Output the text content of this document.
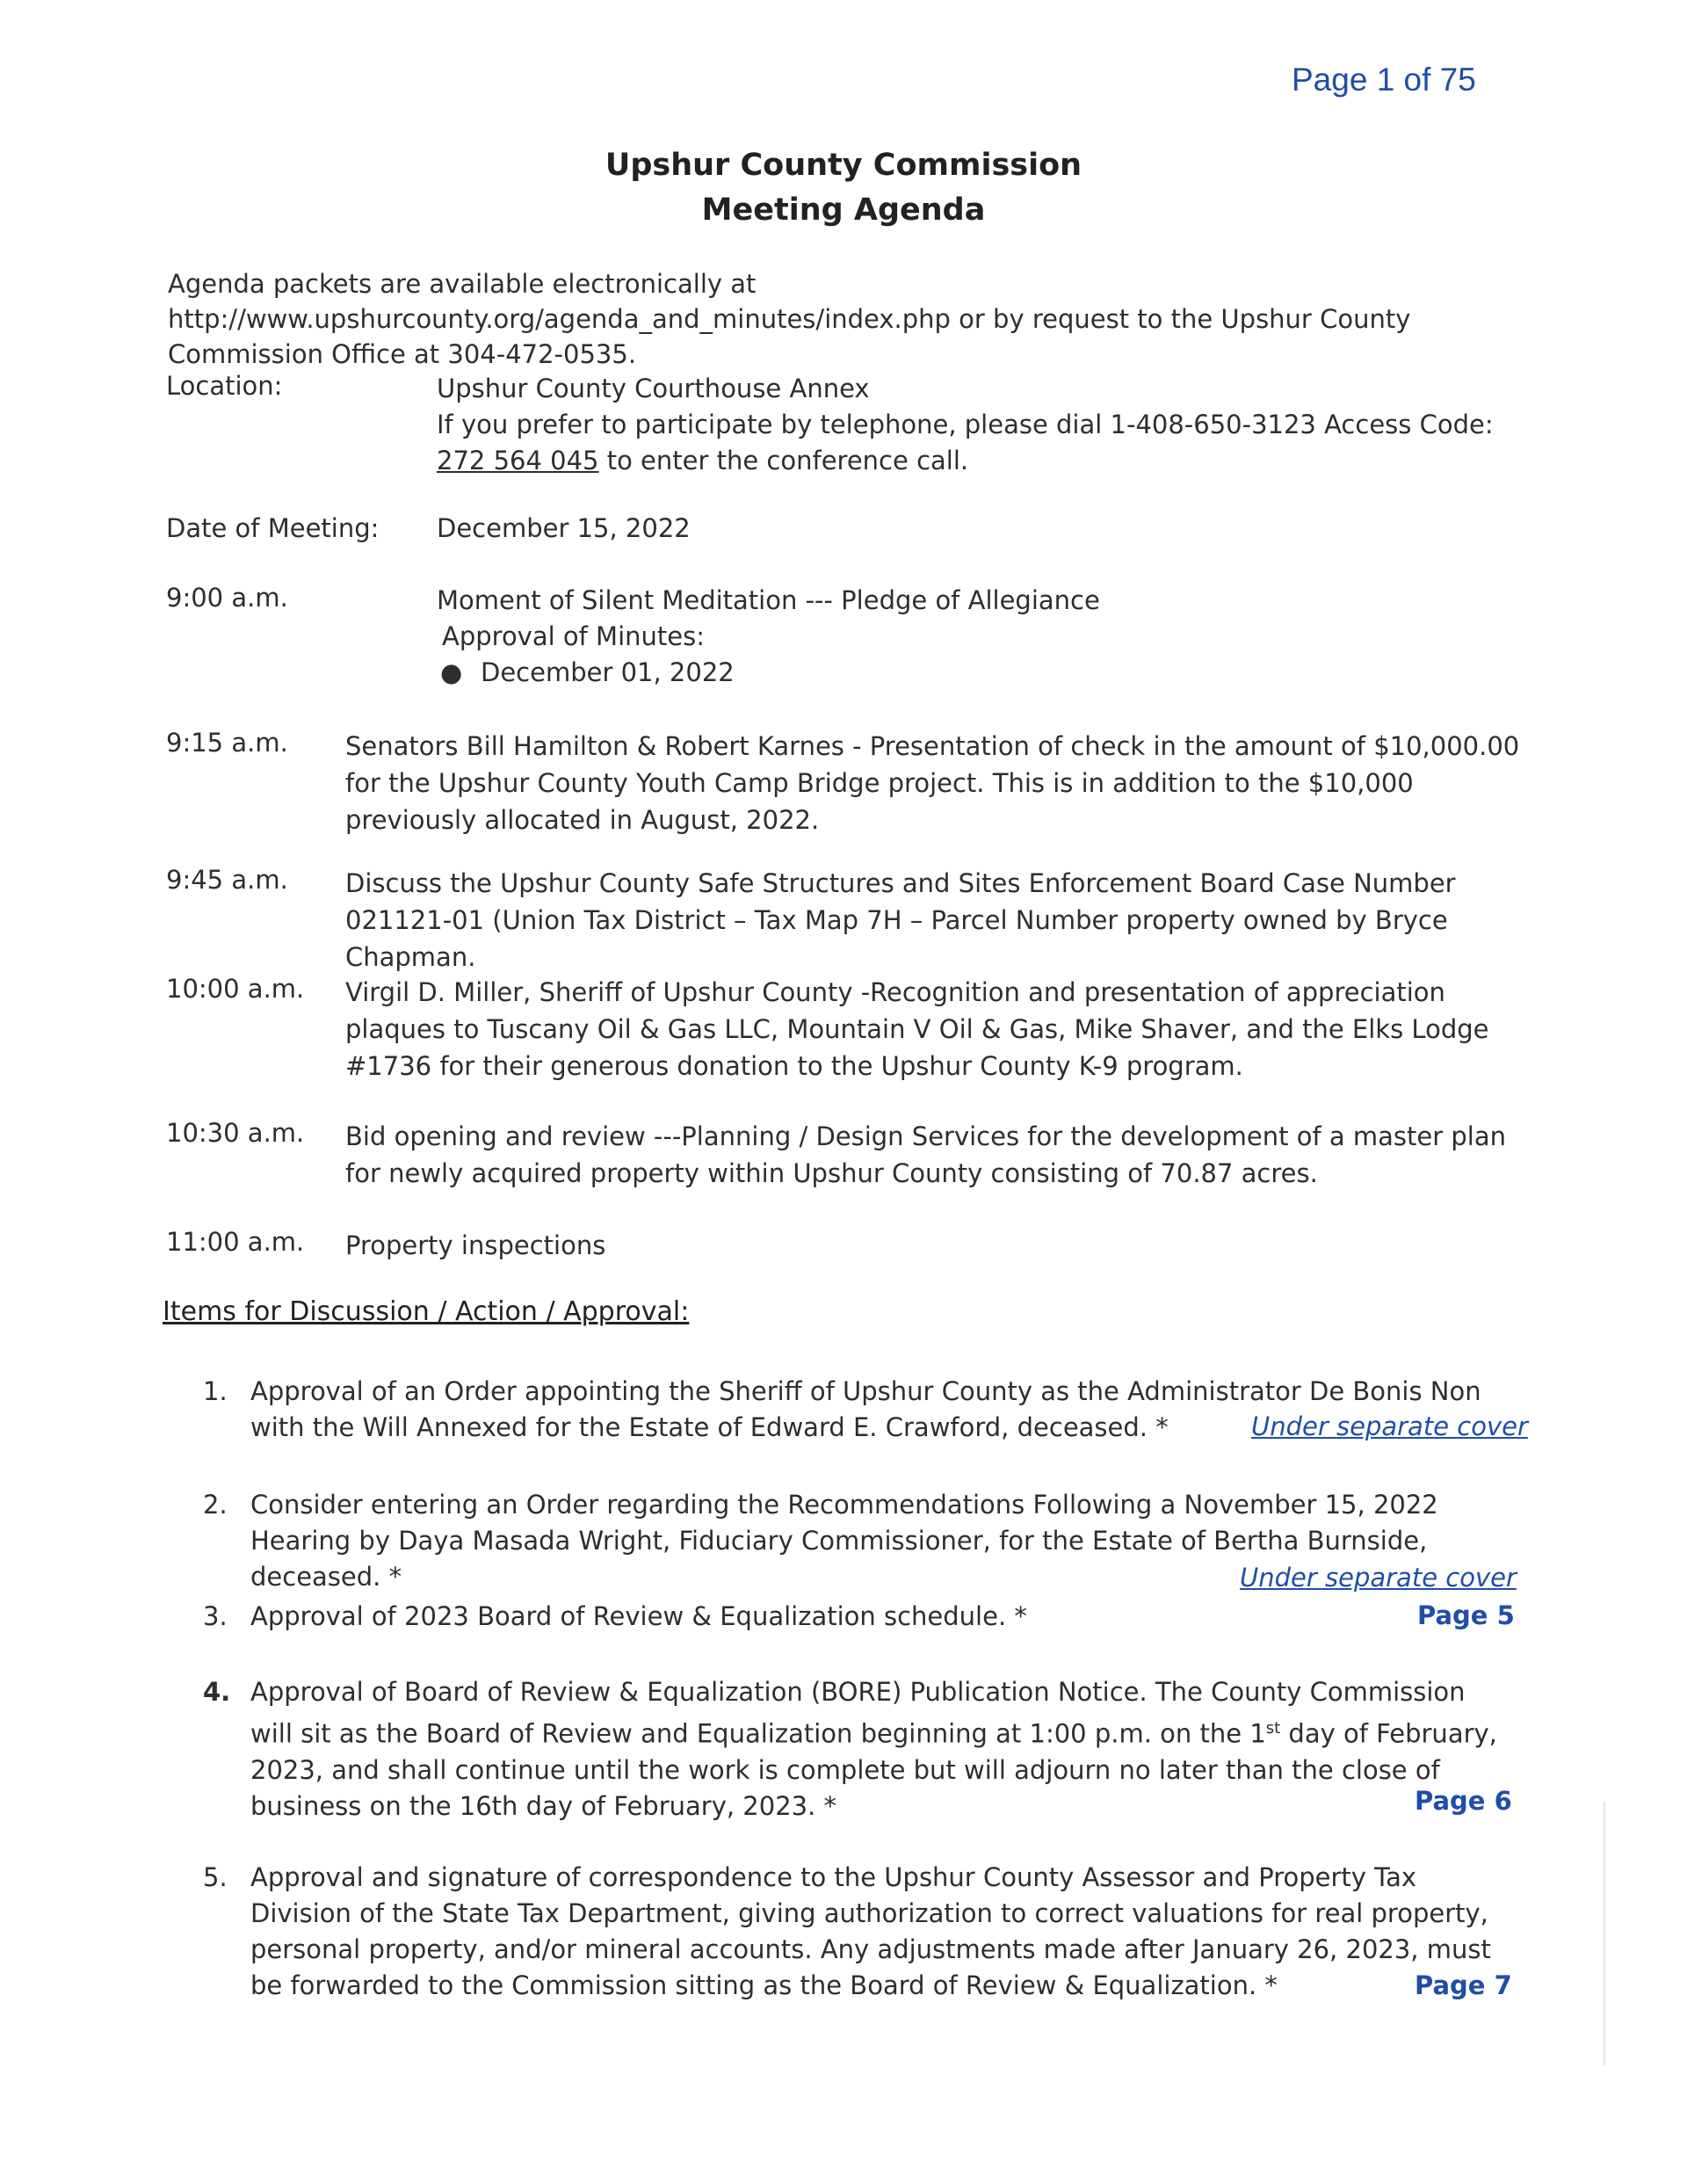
Page 1 of 75
Upshur County Commission
Meeting Agenda
Agenda packets are available electronically at http://www.upshurcounty.org/agenda_and_minutes/index.php or by request to the Upshur County Commission Office at 304-472-0535.
Location:	Upshur County Courthouse Annex
If you prefer to participate by telephone, please dial 1-408-650-3123 Access Code: 272 564 045 to enter the conference call.
Date of Meeting: December 15, 2022
9:00 a.m.	Moment of Silent Meditation --- Pledge of Allegiance
Approval of Minutes:
● December 01, 2022
9:15 a.m. Senators Bill Hamilton & Robert Karnes - Presentation of check in the amount of $10,000.00 for the Upshur County Youth Camp Bridge project. This is in addition to the $10,000 previously allocated in August, 2022.
9:45 a.m. Discuss the Upshur County Safe Structures and Sites Enforcement Board Case Number 021121-01 (Union Tax District – Tax Map 7H – Parcel Number property owned by Bryce Chapman.
10:00 a.m. Virgil D. Miller, Sheriff of Upshur County -Recognition and presentation of appreciation plaques to Tuscany Oil & Gas LLC, Mountain V Oil & Gas, Mike Shaver, and the Elks Lodge #1736 for their generous donation to the Upshur County K-9 program.
10:30 a.m. Bid opening and review ---Planning / Design Services for the development of a master plan for newly acquired property within Upshur County consisting of 70.87 acres.
11:00 a.m. Property inspections
Items for Discussion / Action / Approval:
1. Approval of an Order appointing the Sheriff of Upshur County as the Administrator De Bonis Non with the Will Annexed for the Estate of Edward E. Crawford, deceased. *	Under separate cover
2. Consider entering an Order regarding the Recommendations Following a November 15, 2022 Hearing by Daya Masada Wright, Fiduciary Commissioner, for the Estate of Bertha Burnside, deceased. *	Under separate cover
3. Approval of 2023 Board of Review & Equalization schedule. *	Page 5
4. Approval of Board of Review & Equalization (BORE) Publication Notice. The County Commission will sit as the Board of Review and Equalization beginning at 1:00 p.m. on the 1st day of February, 2023, and shall continue until the work is complete but will adjourn no later than the close of business on the 16th day of February, 2023. *	Page 6
5. Approval and signature of correspondence to the Upshur County Assessor and Property Tax Division of the State Tax Department, giving authorization to correct valuations for real property, personal property, and/or mineral accounts. Any adjustments made after January 26, 2023, must be forwarded to the Commission sitting as the Board of Review & Equalization. *	Page 7
